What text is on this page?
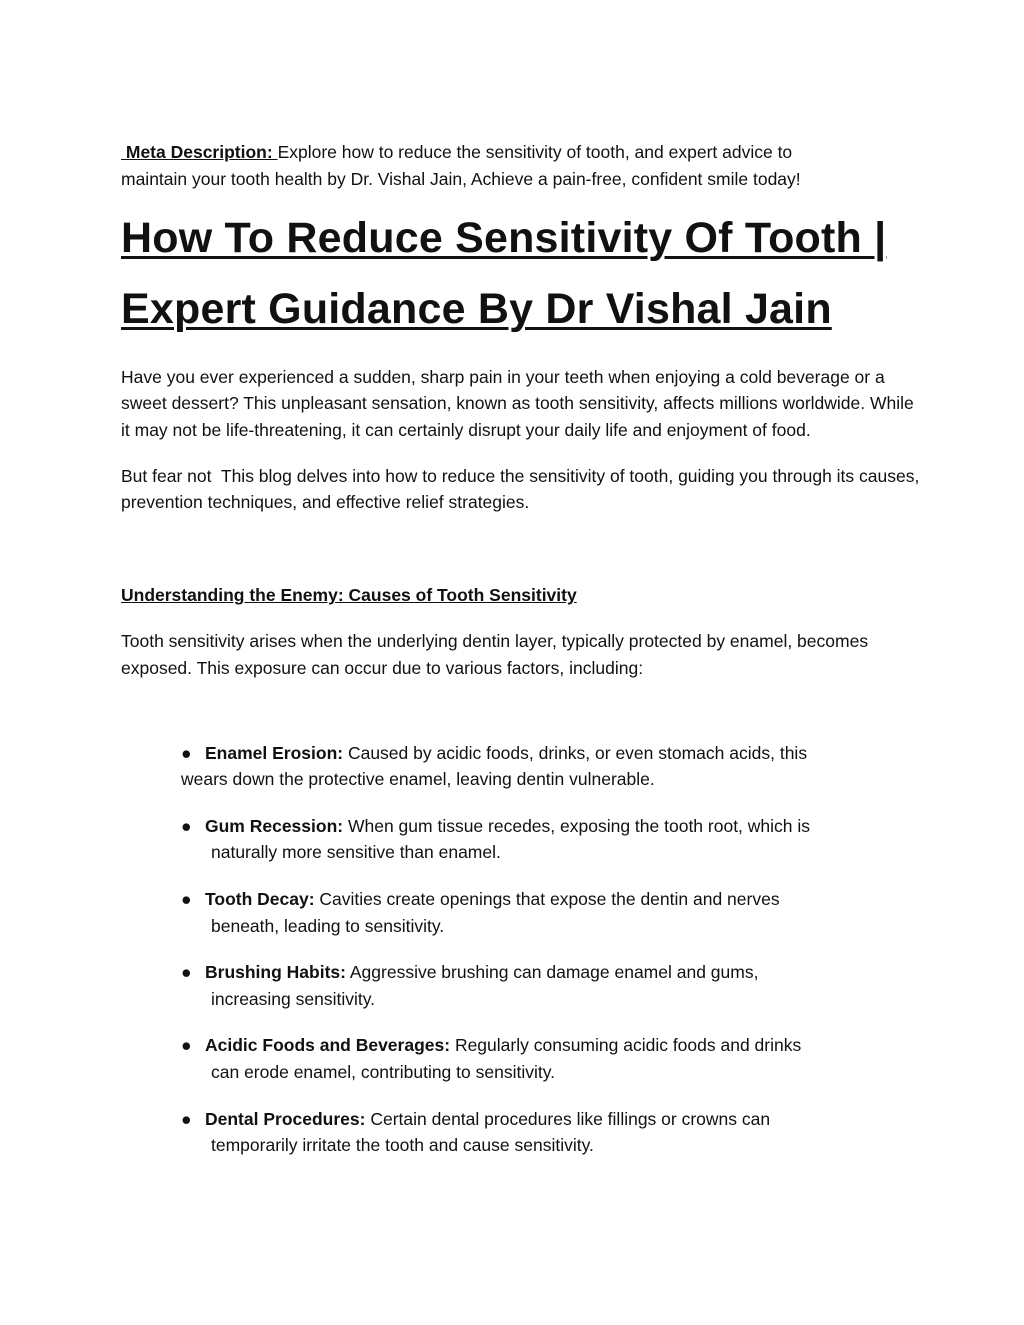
Meta Description: Explore how to reduce the sensitivity of tooth, and expert advice to
maintain your tooth health by Dr. Vishal Jain, Achieve a pain-free, confident smile today!

How To Reduce Sensitivity Of Tooth |
Expert Guidance By Dr Vishal Jain

Have you ever experienced a sudden, sharp pain in your teeth when enjoying a cold beverage or a sweet dessert? This unpleasant sensation, known as tooth sensitivity, affects millions worldwide. While it may not be life-threatening, it can certainly disrupt your daily life and enjoyment of food.

But fear not  This blog delves into how to reduce the sensitivity of tooth, guiding you through its causes, prevention techniques, and effective relief strategies.

Understanding the Enemy: Causes of Tooth Sensitivity

Tooth sensitivity arises when the underlying dentin layer, typically protected by enamel, becomes exposed. This exposure can occur due to various factors, including:

● Enamel Erosion: Caused by acidic foods, drinks, or even stomach acids, this
wears down the protective enamel, leaving dentin vulnerable.
● Gum Recession: When gum tissue recedes, exposing the tooth root, which is
naturally more sensitive than enamel.
● Tooth Decay: Cavities create openings that expose the dentin and nerves
beneath, leading to sensitivity.
● Brushing Habits: Aggressive brushing can damage enamel and gums,
increasing sensitivity.
● Acidic Foods and Beverages: Regularly consuming acidic foods and drinks
can erode enamel, contributing to sensitivity.
● Dental Procedures: Certain dental procedures like fillings or crowns can
temporarily irritate the tooth and cause sensitivity.
